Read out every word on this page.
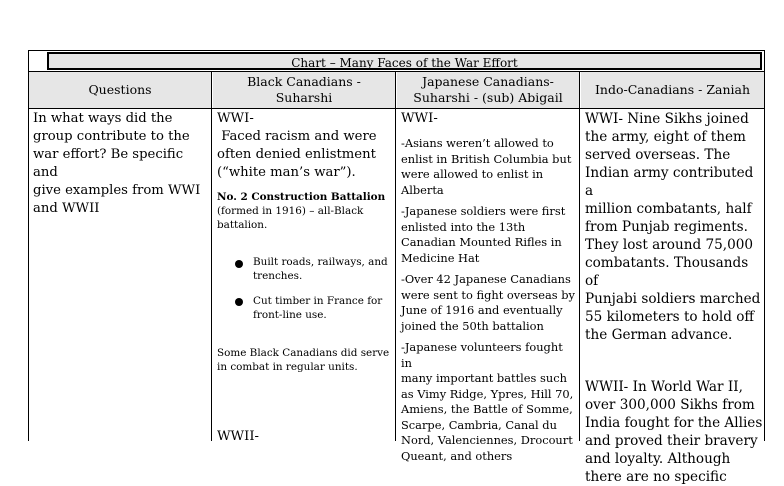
Chart – Many Faces of the War Effort
Questions
Black Canadians -
Suharshi
Japanese Canadians-
Suharshi - (sub) Abigail
Indo-Canadians - Zaniah

In what ways did the

group contribute to the

war effort? Be specific and

give examples from WWI

and WWII

WWI-

Faced racism and were

often denied enlistment

(“white man’s war”).

No. 2 Construction Battalion

(formed in 1916) – all-Black

battalion.

Built roads, railways, and

trenches.

Cut timber in France for

front-line use.

Some Black Canadians did serve

in combat in regular units.

WWII-

WWI-

-Asians weren’t allowed to

enlist in British Columbia but

were allowed to enlist in

Alberta

-Japanese soldiers were first

enlisted into the 13th

Canadian Mounted Rifles in

Medicine Hat

-Over 42 Japanese Canadians

were sent to fight overseas by

June of 1916 and eventually

joined the 50th battalion

-Japanese volunteers fought in

many important battles such

as Vimy Ridge, Ypres, Hill 70,

Amiens, the Battle of Somme,

Scarpe, Cambria, Canal du

Nord, Valenciennes, Drocourt

Queant, and others

WWI- Nine Sikhs joined

the army, eight of them

served overseas. The

Indian army contributed a

million combatants, half

from Punjab regiments.

They lost around 75,000

combatants. Thousands of

Punjabi soldiers marched

55 kilometers to hold off

the German advance.

WWII- In World War II,

over 300,000 Sikhs from

India fought for the Allies

and proved their bravery

and loyalty. Although

there are no specific
